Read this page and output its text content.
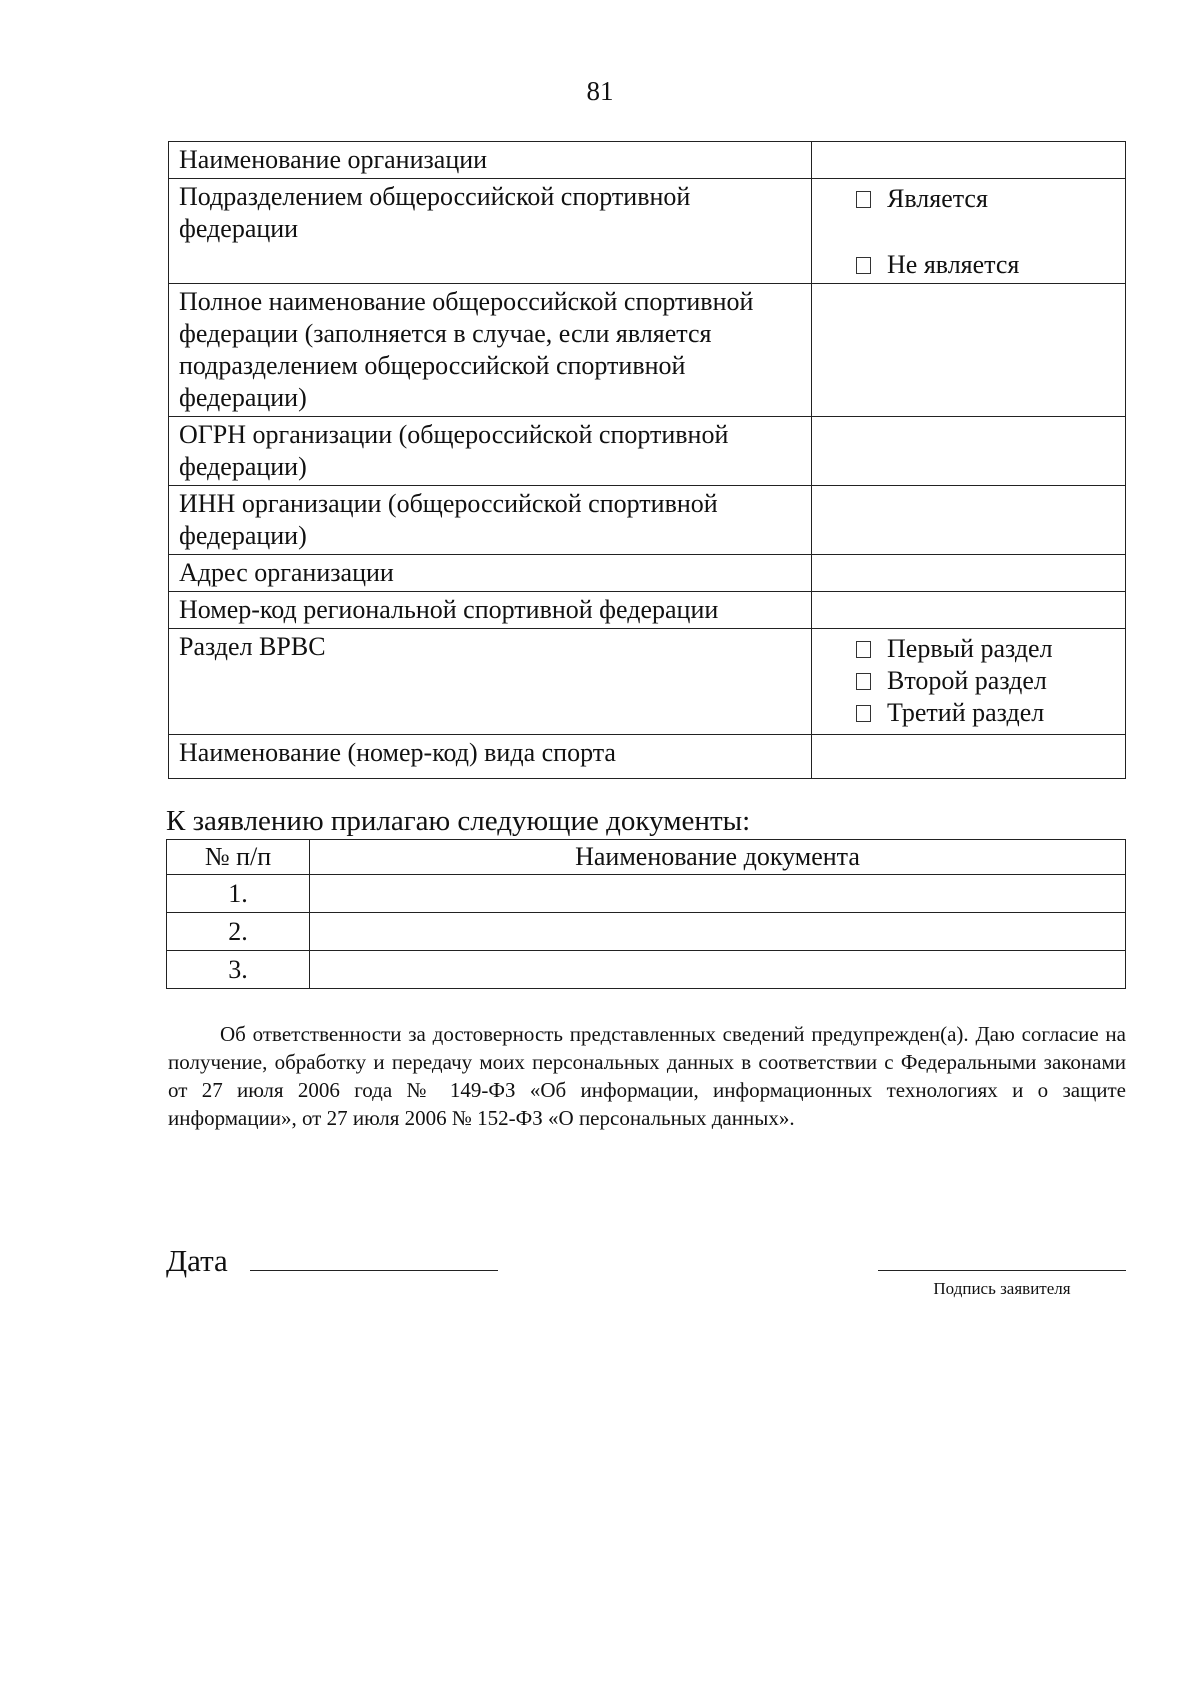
81
Наименование организации	
Подразделением общероссийской спортивной федерации	Является
Не является

Полное наименование общероссийской спортивной федерации (заполняется в случае, если является подразделением общероссийской спортивной федерации)	
ОГРН организации (общероссийской спортивной федерации)	
ИНН организации (общероссийской спортивной федерации)	
Адрес организации	
Номер-код региональной спортивной федерации	
Раздел ВРВС	Первый раздел
Второй раздел
Третий раздел

Наименование (номер-код) вида спорта	
К заявлению прилагаю следующие документы:
№ п/п	Наименование документа
1.	
2.	
3.	
Об ответственности за достоверность представленных сведений предупрежден(а). Даю согласие на получение, обработку и передачу моих персональных данных в соответствии с Федеральными законами от 27 июля 2006 года № 149-ФЗ «Об информации, информационных технологиях и о защите информации», от 27 июля 2006 № 152-ФЗ «О персональных данных».
Дата
Подпись заявителя
